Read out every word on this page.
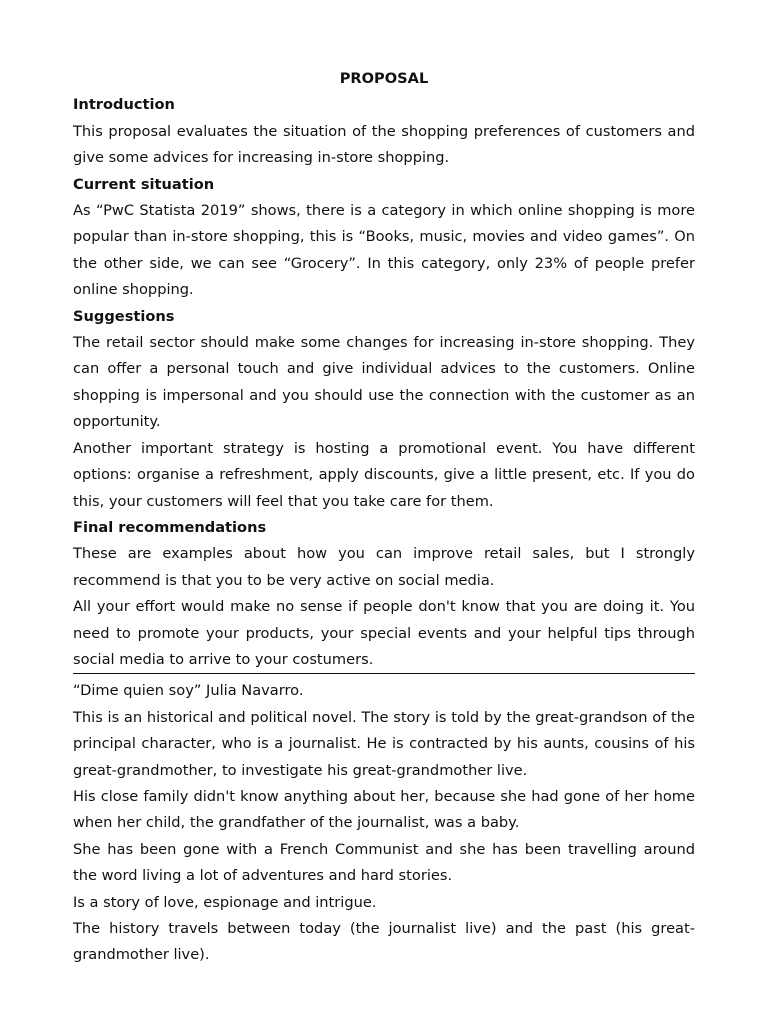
PROPOSAL

Introduction

This proposal evaluates the situation of the shopping preferences of customers and give some advices for increasing in-store shopping.

Current situation

As “PwC Statista 2019” shows, there is a category in which online shopping is more popular than in-store shopping, this is “Books, music, movies and video games”. On the other side, we can see “Grocery”. In this category, only 23% of people prefer online shopping.

Suggestions

The retail sector should make some changes for increasing in-store shopping. They can offer a personal touch and give individual advices to the customers. Online shopping is impersonal and you should use the connection with the customer as an opportunity.

Another important strategy is hosting a promotional event. You have different options: organise a refreshment, apply discounts, give a little present, etc. If you do this, your customers will feel that you take care for them.

Final recommendations

These are examples about how you can improve retail sales, but I strongly recommend is that you to be very active on social media.

All your effort would make no sense if people don't know that you are doing it. You need to promote your products, your special events and your helpful tips through social media to arrive to your costumers.

“Dime quien soy” Julia Navarro.

This is an historical and political novel. The story is told by the great-grandson of the principal character, who is a journalist. He is contracted by his aunts, cousins of his great-grandmother, to investigate his great-grandmother live.

His close family didn't know anything about her, because she had gone of her home when her child, the grandfather of the journalist, was a baby.

She has been gone with a French Communist and she has been travelling around the word living a lot of adventures and hard stories.

Is a story of love, espionage and intrigue.

The history travels between today (the journalist live) and the past (his great-grandmother live).
